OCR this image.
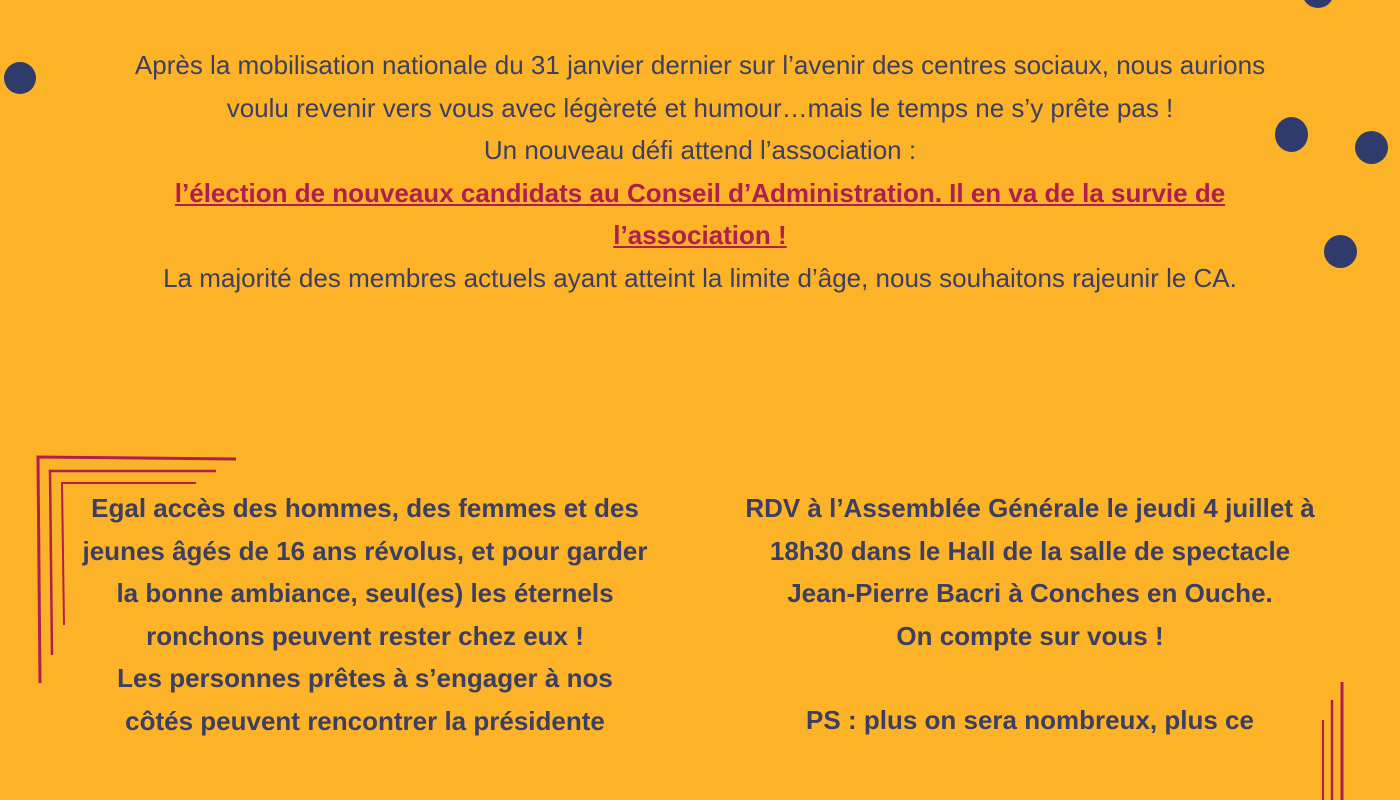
Après la mobilisation nationale du 31 janvier dernier sur l’avenir des centres sociaux, nous aurions voulu revenir vers vous avec légèreté et humour…mais le temps ne s’y prête pas !

Un nouveau défi attend l’association :

l’élection de nouveaux candidats au Conseil d’Administration. Il en va de la survie de l’association !

La majorité des membres actuels ayant atteint la limite d’âge, nous souhaitons rajeunir le CA.

Egal accès des hommes, des femmes et des jeunes âgés de 16 ans révolus, et pour garder la bonne ambiance, seul(es) les éternels ronchons peuvent rester chez eux !

Les personnes prêtes à s’engager à nos côtés peuvent rencontrer la présidente

RDV à l’Assemblée Générale le jeudi 4 juillet à 18h30 dans le Hall de la salle de spectacle Jean-Pierre Bacri à Conches en Ouche.

On compte sur vous !

PS : plus on sera nombreux, plus ce
